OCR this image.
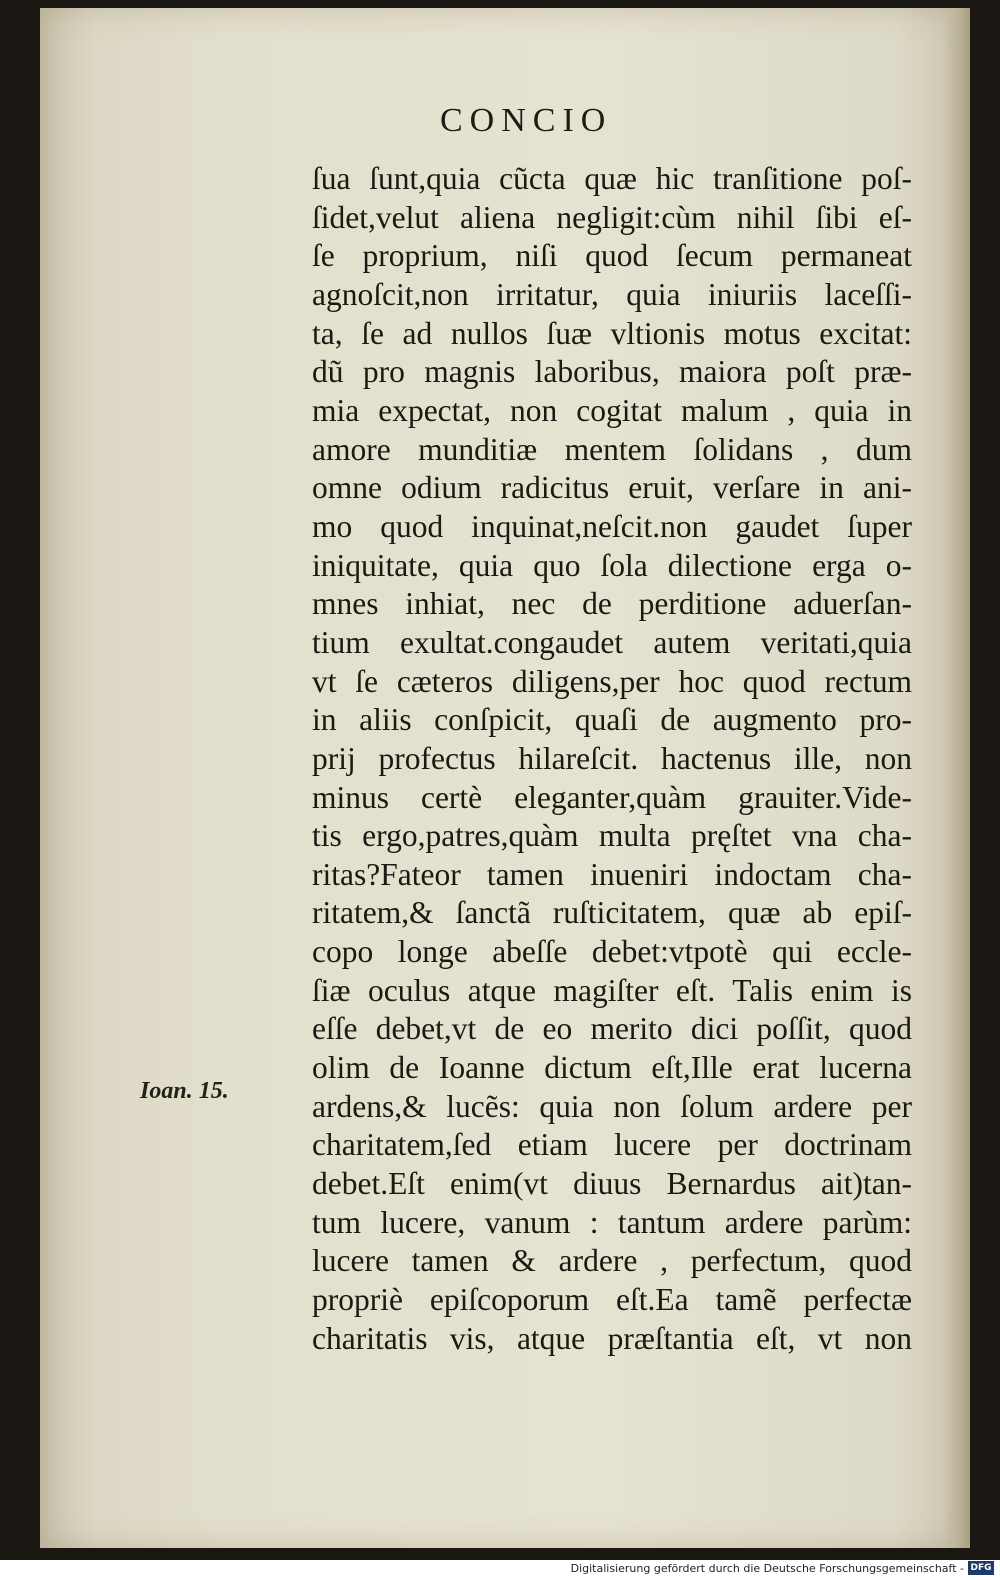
CONCIO
Ioan. 15.
ſua ſunt,quia cũcta quæ hic tranſitione poſ-
ſidet,velut aliena negligit:cùm nihil ſibi eſ-
ſe proprium, niſi quod ſecum permaneat
agnoſcit,non irritatur, quia iniuriis laceſſi-
ta, ſe ad nullos ſuæ vltionis motus excitat:
dũ pro magnis laboribus, maiora poſt præ-
mia expectat, non cogitat malum , quia in
amore munditiæ mentem ſolidans , dum
omne odium radicitus eruit, verſare in ani-
mo quod inquinat,neſcit.non gaudet ſuper
iniquitate, quia quo ſola dilectione erga o-
mnes inhiat, nec de perditione aduerſan-
tium exultat.congaudet autem veritati,quia
vt ſe cæteros diligens,per hoc quod rectum
in aliis conſpicit, quaſi de augmento pro-
prij profectus hilareſcit. hactenus ille, non
minus certè eleganter,quàm grauiter.Vide-
tis ergo,patres,quàm multa pręſtet vna cha-
ritas?Fateor tamen inueniri indoctam cha-
ritatem,& ſanctã ruſticitatem, quæ ab epiſ-
copo longe abeſſe debet:vtpotè qui eccle-
ſiæ oculus atque magiſter eſt. Talis enim is
eſſe debet,vt de eo merito dici poſſit, quod
olim de Ioanne dictum eſt,Ille erat lucerna
ardens,& lucẽs: quia non ſolum ardere per
charitatem,ſed etiam lucere per doctrinam
debet.Eſt enim(vt diuus Bernardus ait)tan-
tum lucere, vanum : tantum ardere parùm:
lucere tamen & ardere , perfectum, quod
propriè epiſcoporum eſt.Ea tamẽ perfectæ
charitatis vis, atque præſtantia eſt, vt non
Digitalisierung gefördert durch die Deutsche Forschungsgemeinschaft - DFG
